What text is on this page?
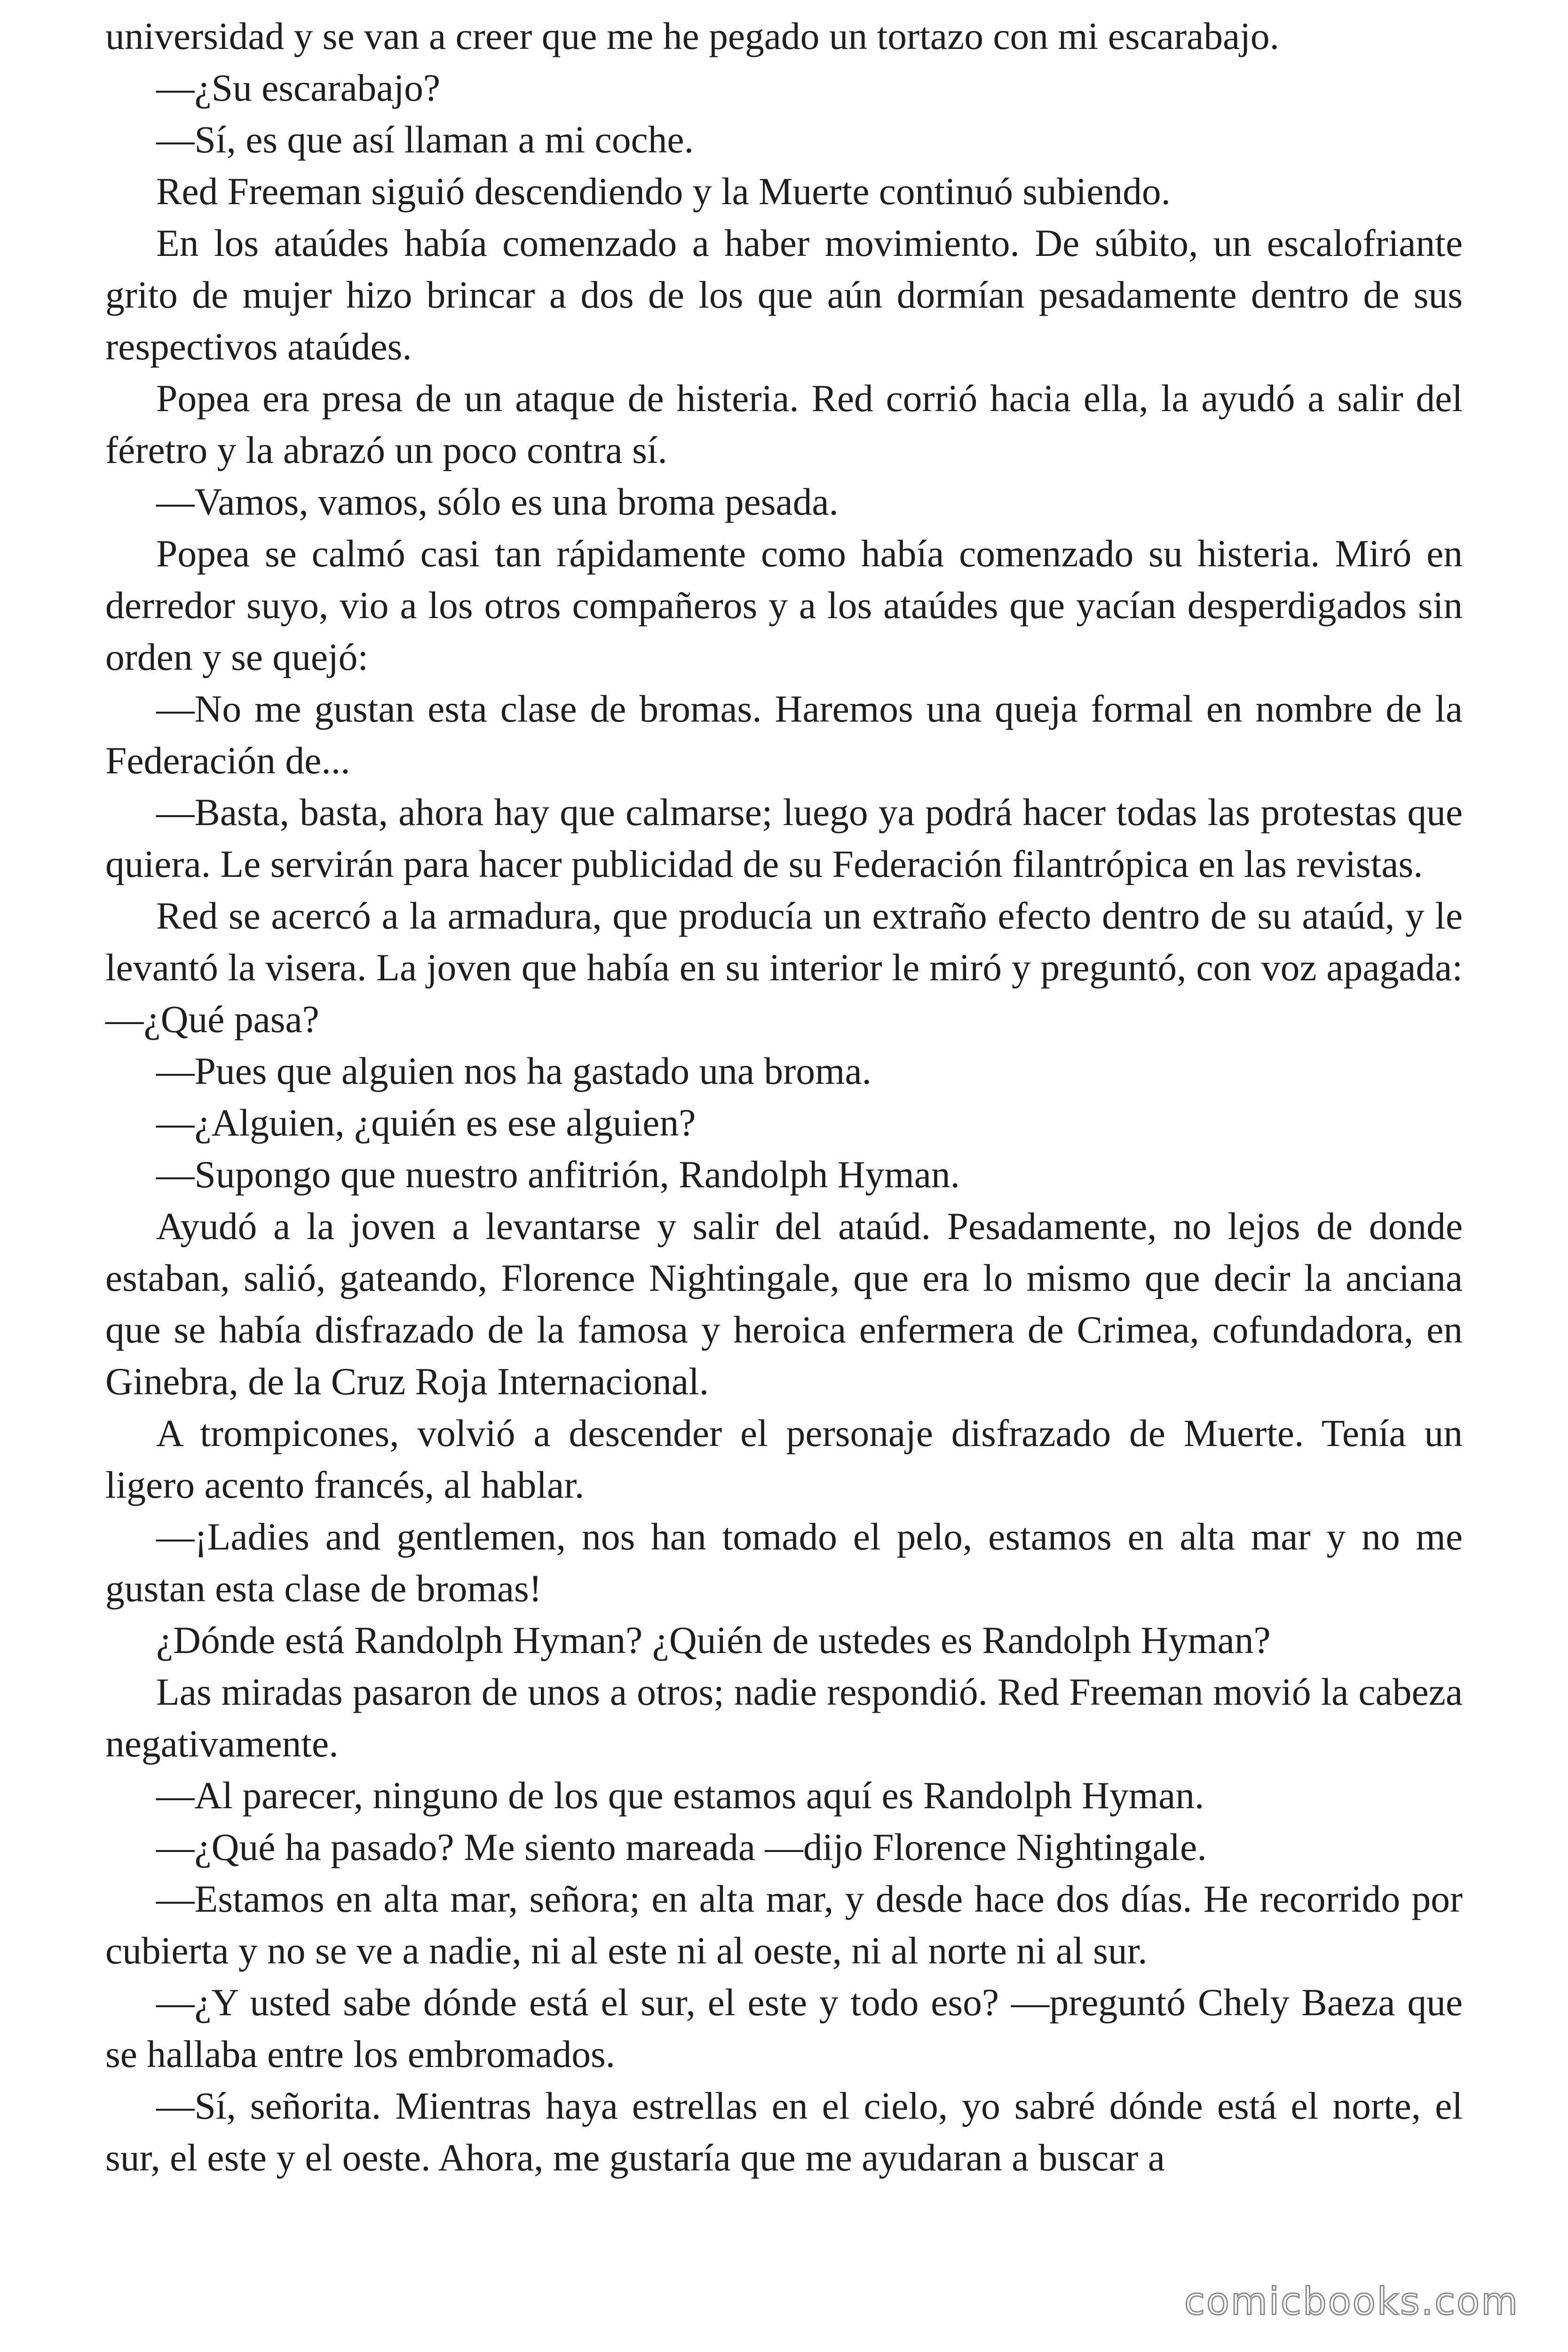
universidad y se van a creer que me he pegado un tortazo con mi escarabajo.

—¿Su escarabajo?

—Sí, es que así llaman a mi coche.

Red Freeman siguió descendiendo y la Muerte continuó subiendo.

En los ataúdes había comenzado a haber movimiento. De súbito, un escalofriante grito de mujer hizo brincar a dos de los que aún dormían pesadamente dentro de sus respectivos ataúdes.

Popea era presa de un ataque de histeria. Red corrió hacia ella, la ayudó a salir del féretro y la abrazó un poco contra sí.

—Vamos, vamos, sólo es una broma pesada.

Popea se calmó casi tan rápidamente como había comenzado su histeria. Miró en derredor suyo, vio a los otros compañeros y a los ataúdes que yacían desperdigados sin orden y se quejó:

—No me gustan esta clase de bromas. Haremos una queja formal en nombre de la Federación de...

—Basta, basta, ahora hay que calmarse; luego ya podrá hacer todas las protestas que quiera. Le servirán para hacer publicidad de su Federación filantrópica en las revistas.

Red se acercó a la armadura, que producía un extraño efecto dentro de su ataúd, y le levantó la visera. La joven que había en su interior le miró y preguntó, con voz apagada: —¿Qué pasa?

—Pues que alguien nos ha gastado una broma.

—¿Alguien, ¿quién es ese alguien?

—Supongo que nuestro anfitrión, Randolph Hyman.

Ayudó a la joven a levantarse y salir del ataúd. Pesadamente, no lejos de donde estaban, salió, gateando, Florence Nightingale, que era lo mismo que decir la anciana que se había disfrazado de la famosa y heroica enfermera de Crimea, cofundadora, en Ginebra, de la Cruz Roja Internacional.

A trompicones, volvió a descender el personaje disfrazado de Muerte. Tenía un ligero acento francés, al hablar.

—¡Ladies and gentlemen, nos han tomado el pelo, estamos en alta mar y no me gustan esta clase de bromas!

¿Dónde está Randolph Hyman? ¿Quién de ustedes es Randolph Hyman?

Las miradas pasaron de unos a otros; nadie respondió. Red Freeman movió la cabeza negativamente.

—Al parecer, ninguno de los que estamos aquí es Randolph Hyman.

—¿Qué ha pasado? Me siento mareada —dijo Florence Nightingale.

—Estamos en alta mar, señora; en alta mar, y desde hace dos días. He recorrido por cubierta y no se ve a nadie, ni al este ni al oeste, ni al norte ni al sur.

—¿Y usted sabe dónde está el sur, el este y todo eso? —preguntó Chely Baeza que se hallaba entre los embromados.

—Sí, señorita. Mientras haya estrellas en el cielo, yo sabré dónde está el norte, el sur, el este y el oeste. Ahora, me gustaría que me ayudaran a buscar a

comicbooks.com
